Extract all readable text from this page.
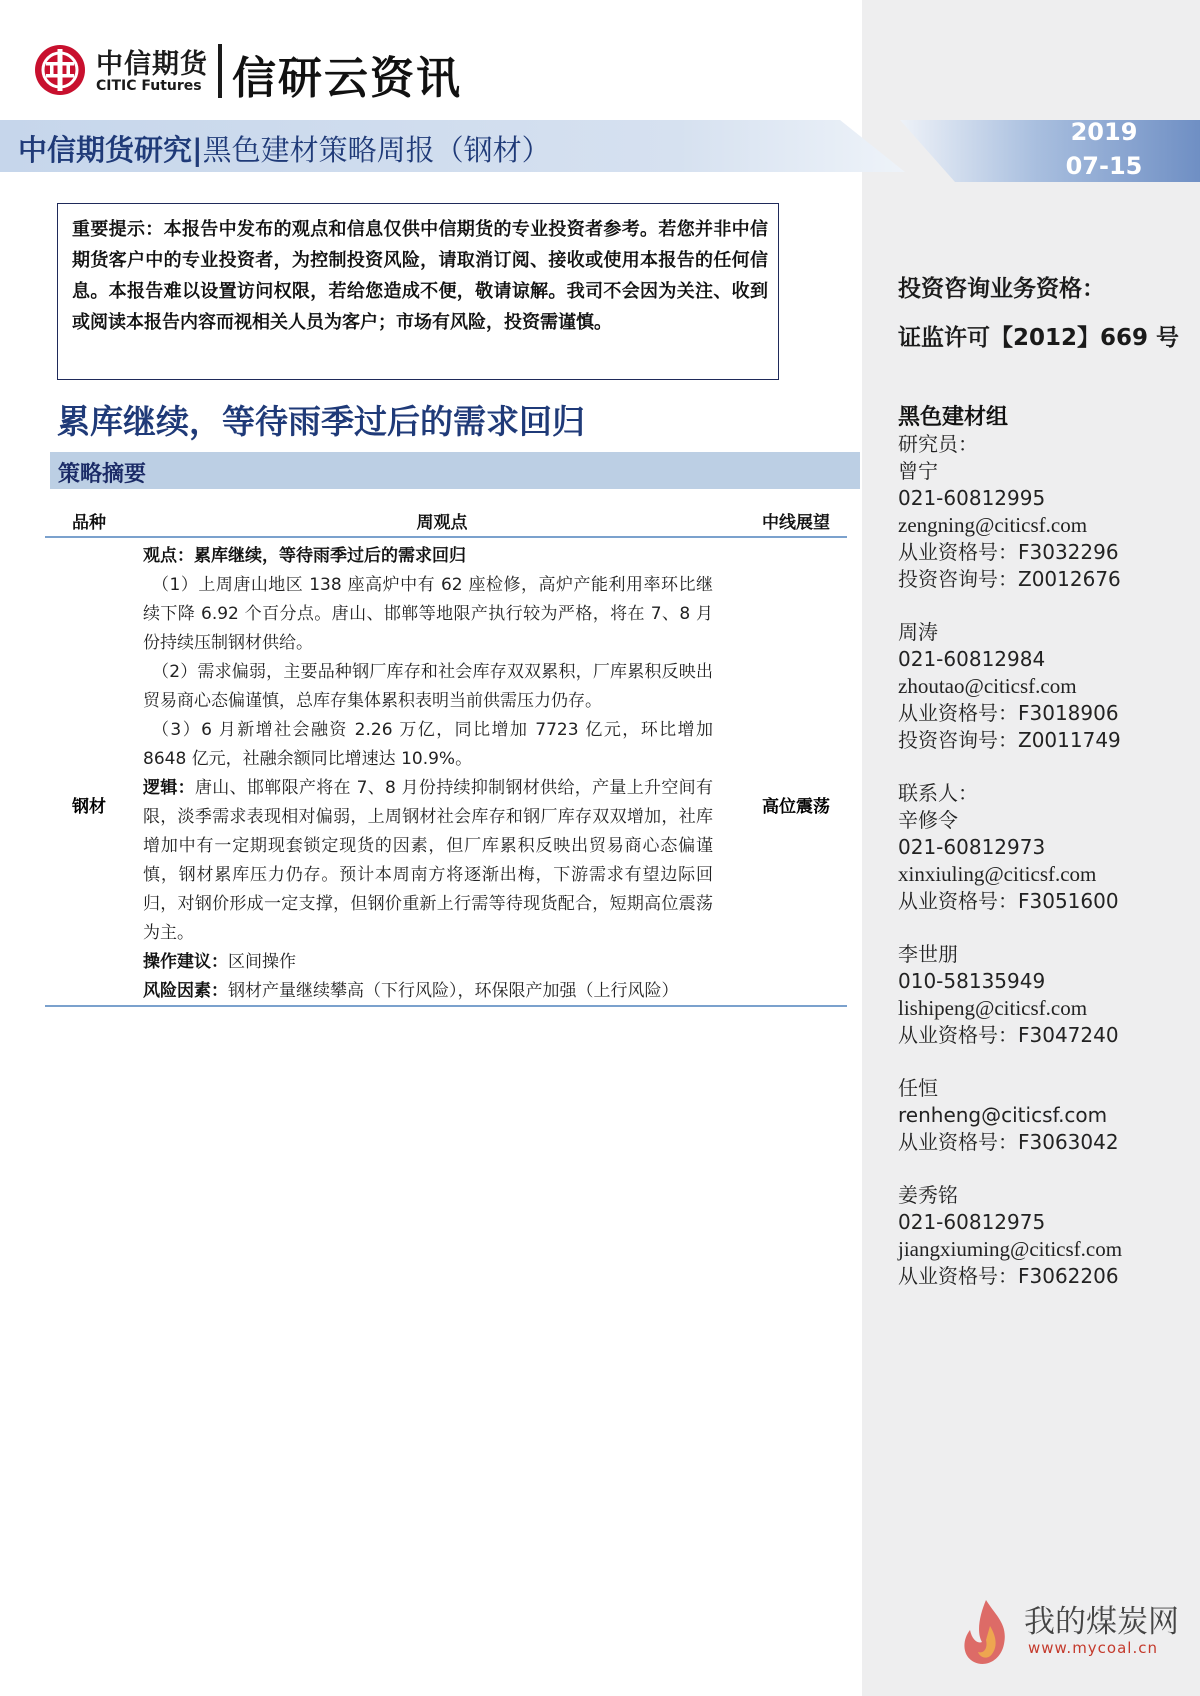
中信期货
CITIC Futures 信研云资讯
中信期货研究|黑色建材策略周报（钢材）
2019
07-15
重要提示：本报告中发布的观点和信息仅供中信期货的专业投资者参考。若您并非中信期货客户中的专业投资者，为控制投资风险，请取消订阅、接收或使用本报告的任何信息。本报告难以设置访问权限，若给您造成不便，敬请谅解。我司不会因为关注、收到或阅读本报告内容而视相关人员为客户；市场有风险，投资需谨慎。
累库继续，等待雨季过后的需求回归
策略摘要
品种	周观点	中线展望
钢材

观点：累库继续，等待雨季过后的需求回归

（1）上周唐山地区 138 座高炉中有 62 座检修，高炉产能利用率环比继续下降 6.92 个百分点。唐山、邯郸等地限产执行较为严格，将在 7、8 月份持续压制钢材供给。

（2）需求偏弱，主要品种钢厂库存和社会库存双双累积，厂库累积反映出贸易商心态偏谨慎，总库存集体累积表明当前供需压力仍存。

（3）6 月新增社会融资 2.26 万亿，同比增加 7723 亿元，环比增加 8648 亿元，社融余额同比增速达 10.9%。

逻辑：唐山、邯郸限产将在 7、8 月份持续抑制钢材供给，产量上升空间有限，淡季需求表现相对偏弱，上周钢材社会库存和钢厂库存双双增加，社库增加中有一定期现套锁定现货的因素，但厂库累积反映出贸易商心态偏谨慎，钢材累库压力仍存。预计本周南方将逐渐出梅，下游需求有望边际回归，对钢价形成一定支撑，但钢价重新上行需等待现货配合，短期高位震荡为主。

操作建议：区间操作

风险因素：钢材产量继续攀高（下行风险），环保限产加强（上行风险）

高位震荡
投资咨询业务资格：
证监许可【2012】669 号
黑色建材组
研究员：
曾宁
021-60812995
zengning@citicsf.com
从业资格号：F3032296
投资咨询号：Z0012676
周涛
021-60812984
zhoutao@citicsf.com
从业资格号：F3018906
投资咨询号：Z0011749
联系人：
辛修令
021-60812973
xinxiuling@citicsf.com
从业资格号：F3051600
李世朋
010-58135949
lishipeng@citicsf.com
从业资格号：F3047240
任恒
renheng@citicsf.com
从业资格号：F3063042
姜秀铭
021-60812975
jiangxiuming@citicsf.com
从业资格号：F3062206
我的煤炭网
www.mycoal.cn
